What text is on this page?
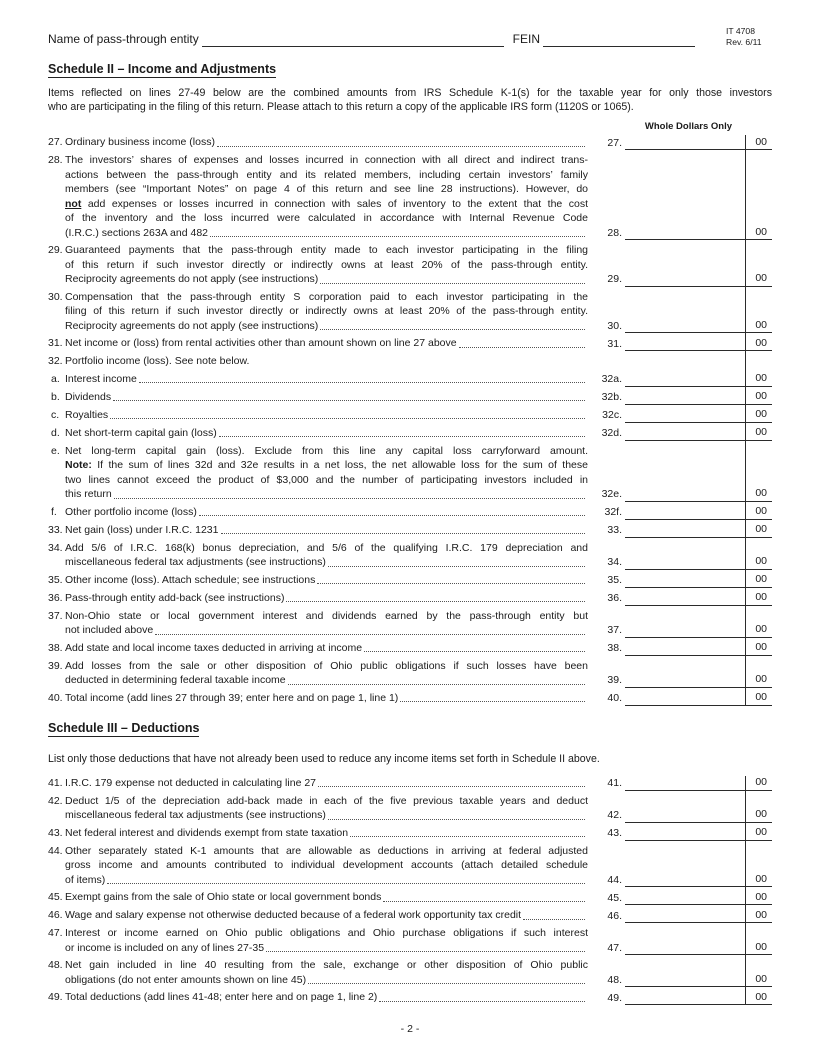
Name of pass-through entity	FEIN
IT 4708
Rev. 6/11
Schedule II – Income and Adjustments
Items reflected on lines 27-49 below are the combined amounts from IRS Schedule K-1(s) for the taxable year for only those investors
who are participating in the filing of this return. Please attach to this return a copy of the applicable IRS form (1120S or 1065).
Whole Dollars Only
27. Ordinary business income (loss)	27.	00
28. The investors’ shares of expenses and losses incurred in connection with all direct and indirect trans-
actions between the pass-through entity and its related members, including certain investors’ family
members (see “Important Notes” on page 4 of this return and see line 28 instructions). However, do
not add expenses or losses incurred in connection with sales of inventory to the extent that the cost
of the inventory and the loss incurred were calculated in accordance with Internal Revenue Code
(I.R.C.) sections 263A and 482	28.	00
29. Guaranteed payments that the pass-through entity made to each investor participating in the filing
of this return if such investor directly or indirectly owns at least 20% of the pass-through entity.
Reciprocity agreements do not apply (see instructions)	29.	00
30. Compensation that the pass-through entity S corporation paid to each investor participating in the
filing of this return if such investor directly or indirectly owns at least 20% of the pass-through entity.
Reciprocity agreements do not apply (see instructions)	30.	00
31. Net income or (loss) from rental activities other than amount shown on line 27 above	31.	00
32. Portfolio income (loss). See note below.
a. Interest income	32a.	00
b. Dividends	32b.	00
c. Royalties	32c.	00
d. Net short-term capital gain (loss)	32d.	00
e. Net long-term capital gain (loss). Exclude from this line any capital loss carryforward amount.
Note: If the sum of lines 32d and 32e results in a net loss, the net allowable loss for the sum of these
two lines cannot exceed the product of $3,000 and the number of participating investors included in
this return	32e.	00
f. Other portfolio income (loss)	32f.	00
33. Net gain (loss) under I.R.C. 1231	33.	00
34. Add 5/6 of I.R.C. 168(k) bonus depreciation, and 5/6 of the qualifying I.R.C. 179 depreciation and
miscellaneous federal tax adjustments (see instructions)	34.	00
35. Other income (loss). Attach schedule; see instructions	35.	00
36. Pass-through entity add-back (see instructions)	36.	00
37. Non-Ohio state or local government interest and dividends earned by the pass-through entity but
not included above	37.	00
38. Add state and local income taxes deducted in arriving at income	38.	00
39. Add losses from the sale or other disposition of Ohio public obligations if such losses have been
deducted in determining federal taxable income	39.	00
40. Total income (add lines 27 through 39; enter here and on page 1, line 1)	40.	00
Schedule III – Deductions
List only those deductions that have not already been used to reduce any income items set forth in Schedule II above.
41. I.R.C. 179 expense not deducted in calculating line 27	41.	00
42. Deduct 1/5 of the depreciation add-back made in each of the five previous taxable years and deduct
miscellaneous federal tax adjustments (see instructions)	42.	00
43. Net federal interest and dividends exempt from state taxation	43.	00
44. Other separately stated K-1 amounts that are allowable as deductions in arriving at federal adjusted
gross income and amounts contributed to individual development accounts (attach detailed schedule
of items)	44.	00
45. Exempt gains from the sale of Ohio state or local government bonds	45.	00
46. Wage and salary expense not otherwise deducted because of a federal work opportunity tax credit	46.	00
47. Interest or income earned on Ohio public obligations and Ohio purchase obligations if such interest
or income is included on any of lines 27-35	47.	00
48. Net gain included in line 40 resulting from the sale, exchange or other disposition of Ohio public
obligations (do not enter amounts shown on line 45)	48.	00
49. Total deductions (add lines 41-48; enter here and on page 1, line 2)	49.	00
- 2 -
